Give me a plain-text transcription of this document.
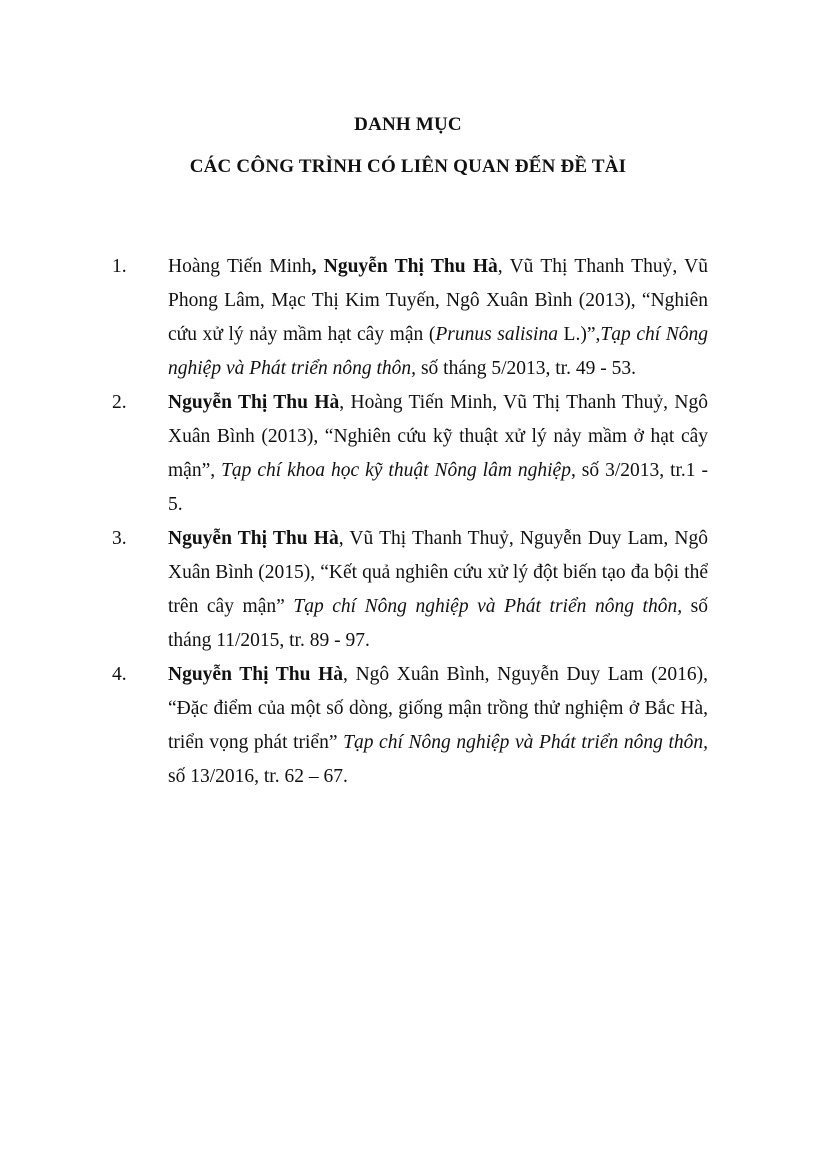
DANH MỤC
CÁC CÔNG TRÌNH CÓ LIÊN QUAN ĐẾN ĐỀ TÀI
1.	Hoàng Tiến Minh, Nguyễn Thị Thu Hà, Vũ Thị Thanh Thuỷ, Vũ Phong Lâm, Mạc Thị Kim Tuyến, Ngô Xuân Bình (2013), “Nghiên cứu xử lý nảy mầm hạt cây mận (Prunus salisina L.)”,Tạp chí Nông nghiệp và Phát triển nông thôn, số tháng 5/2013, tr. 49 - 53.
2.	Nguyễn Thị Thu Hà, Hoàng Tiến Minh, Vũ Thị Thanh Thuỷ, Ngô Xuân Bình (2013), “Nghiên cứu kỹ thuật xử lý nảy mầm ở hạt cây mận”, Tạp chí khoa học kỹ thuật Nông lâm nghiệp, số 3/2013, tr.1 - 5.
3.	Nguyễn Thị Thu Hà, Vũ Thị Thanh Thuỷ, Nguyễn Duy Lam, Ngô Xuân Bình (2015), “Kết quả nghiên cứu xử lý đột biến tạo đa bội thể trên cây mận” Tạp chí Nông nghiệp và Phát triển nông thôn, số tháng 11/2015, tr. 89 - 97.
4.	Nguyễn Thị Thu Hà, Ngô Xuân Bình, Nguyễn Duy Lam (2016), “Đặc điểm của một số dòng, giống mận trồng thử nghiệm ở Bắc Hà, triển vọng phát triển” Tạp chí Nông nghiệp và Phát triển nông thôn, số 13/2016, tr. 62 – 67.
